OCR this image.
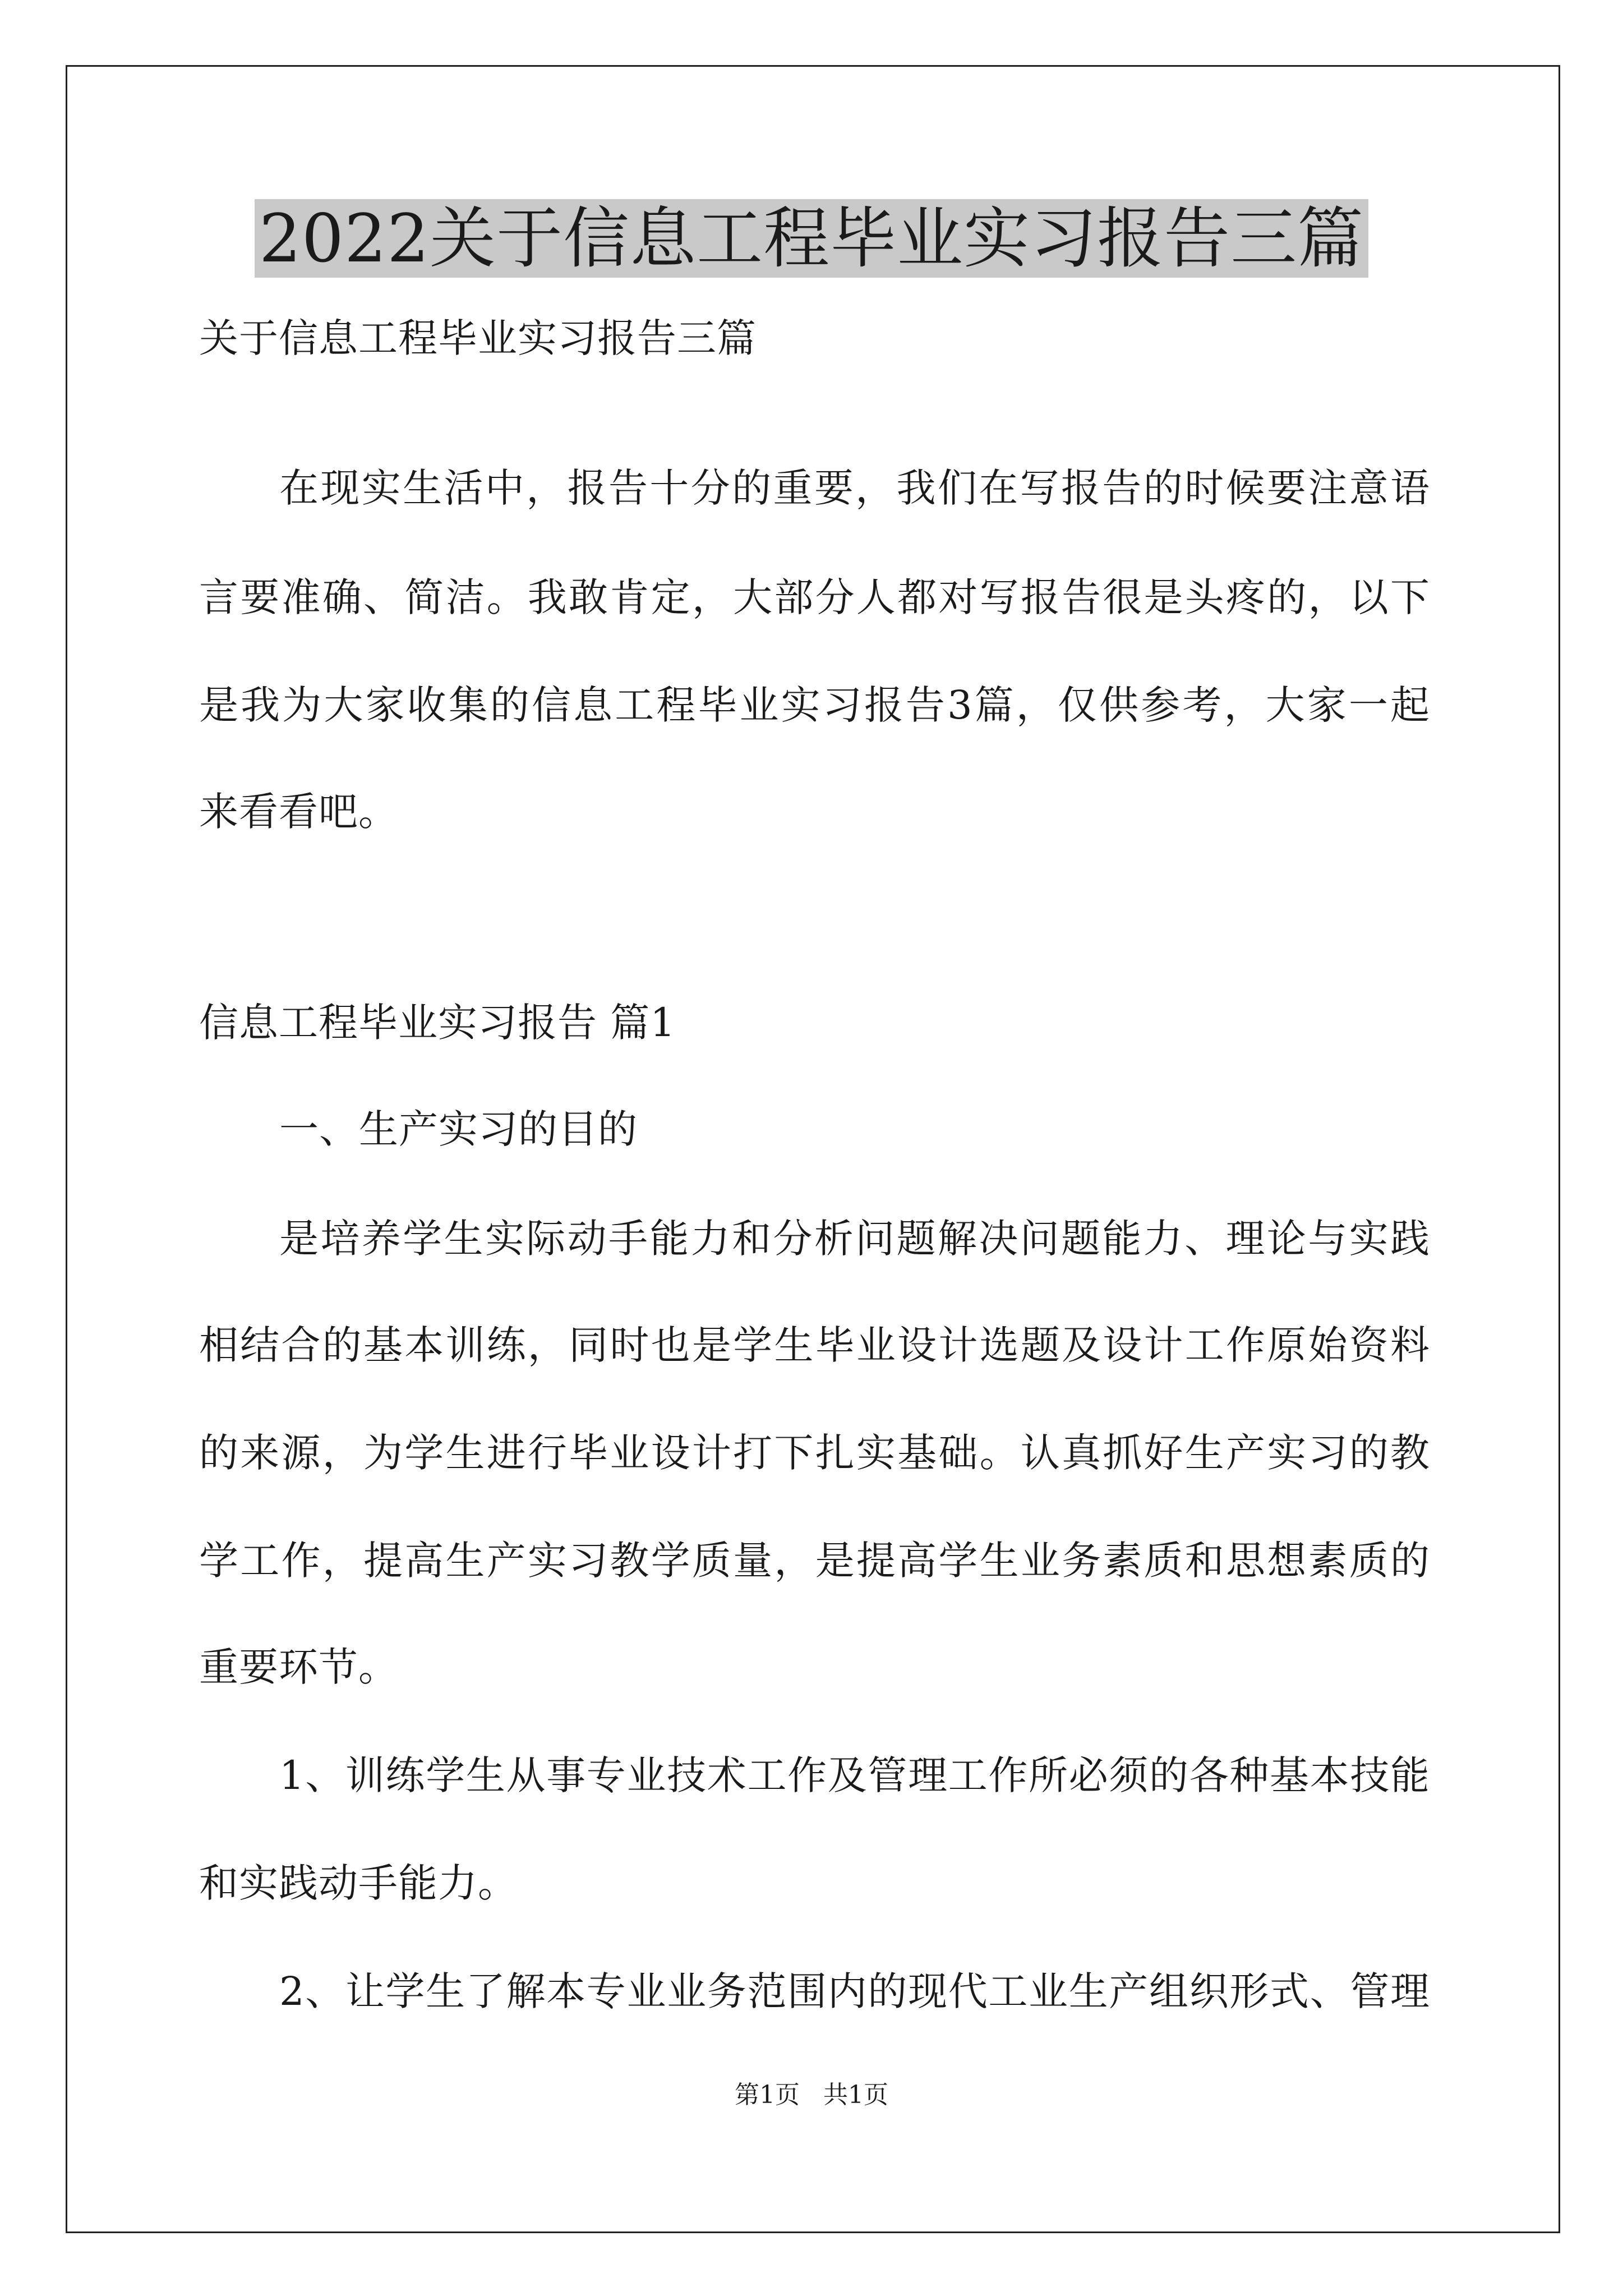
2022关于信息工程毕业实习报告三篇
关于信息工程毕业实习报告三篇
在现实生活中，报告十分的重要，我们在写报告的时候要注意语
言要准确、简洁。我敢肯定，大部分人都对写报告很是头疼的，以下
是我为大家收集的信息工程毕业实习报告3篇，仅供参考，大家一起
来看看吧。
信息工程毕业实习报告 篇1
一、生产实习的目的
是培养学生实际动手能力和分析问题解决问题能力、理论与实践
相结合的基本训练，同时也是学生毕业设计选题及设计工作原始资料
的来源，为学生进行毕业设计打下扎实基础。认真抓好生产实习的教
学工作，提高生产实习教学质量，是提高学生业务素质和思想素质的
重要环节。
1、训练学生从事专业技术工作及管理工作所必须的各种基本技能
和实践动手能力。
2、让学生了解本专业业务范围内的现代工业生产组织形式、管理
第1页   共1页
